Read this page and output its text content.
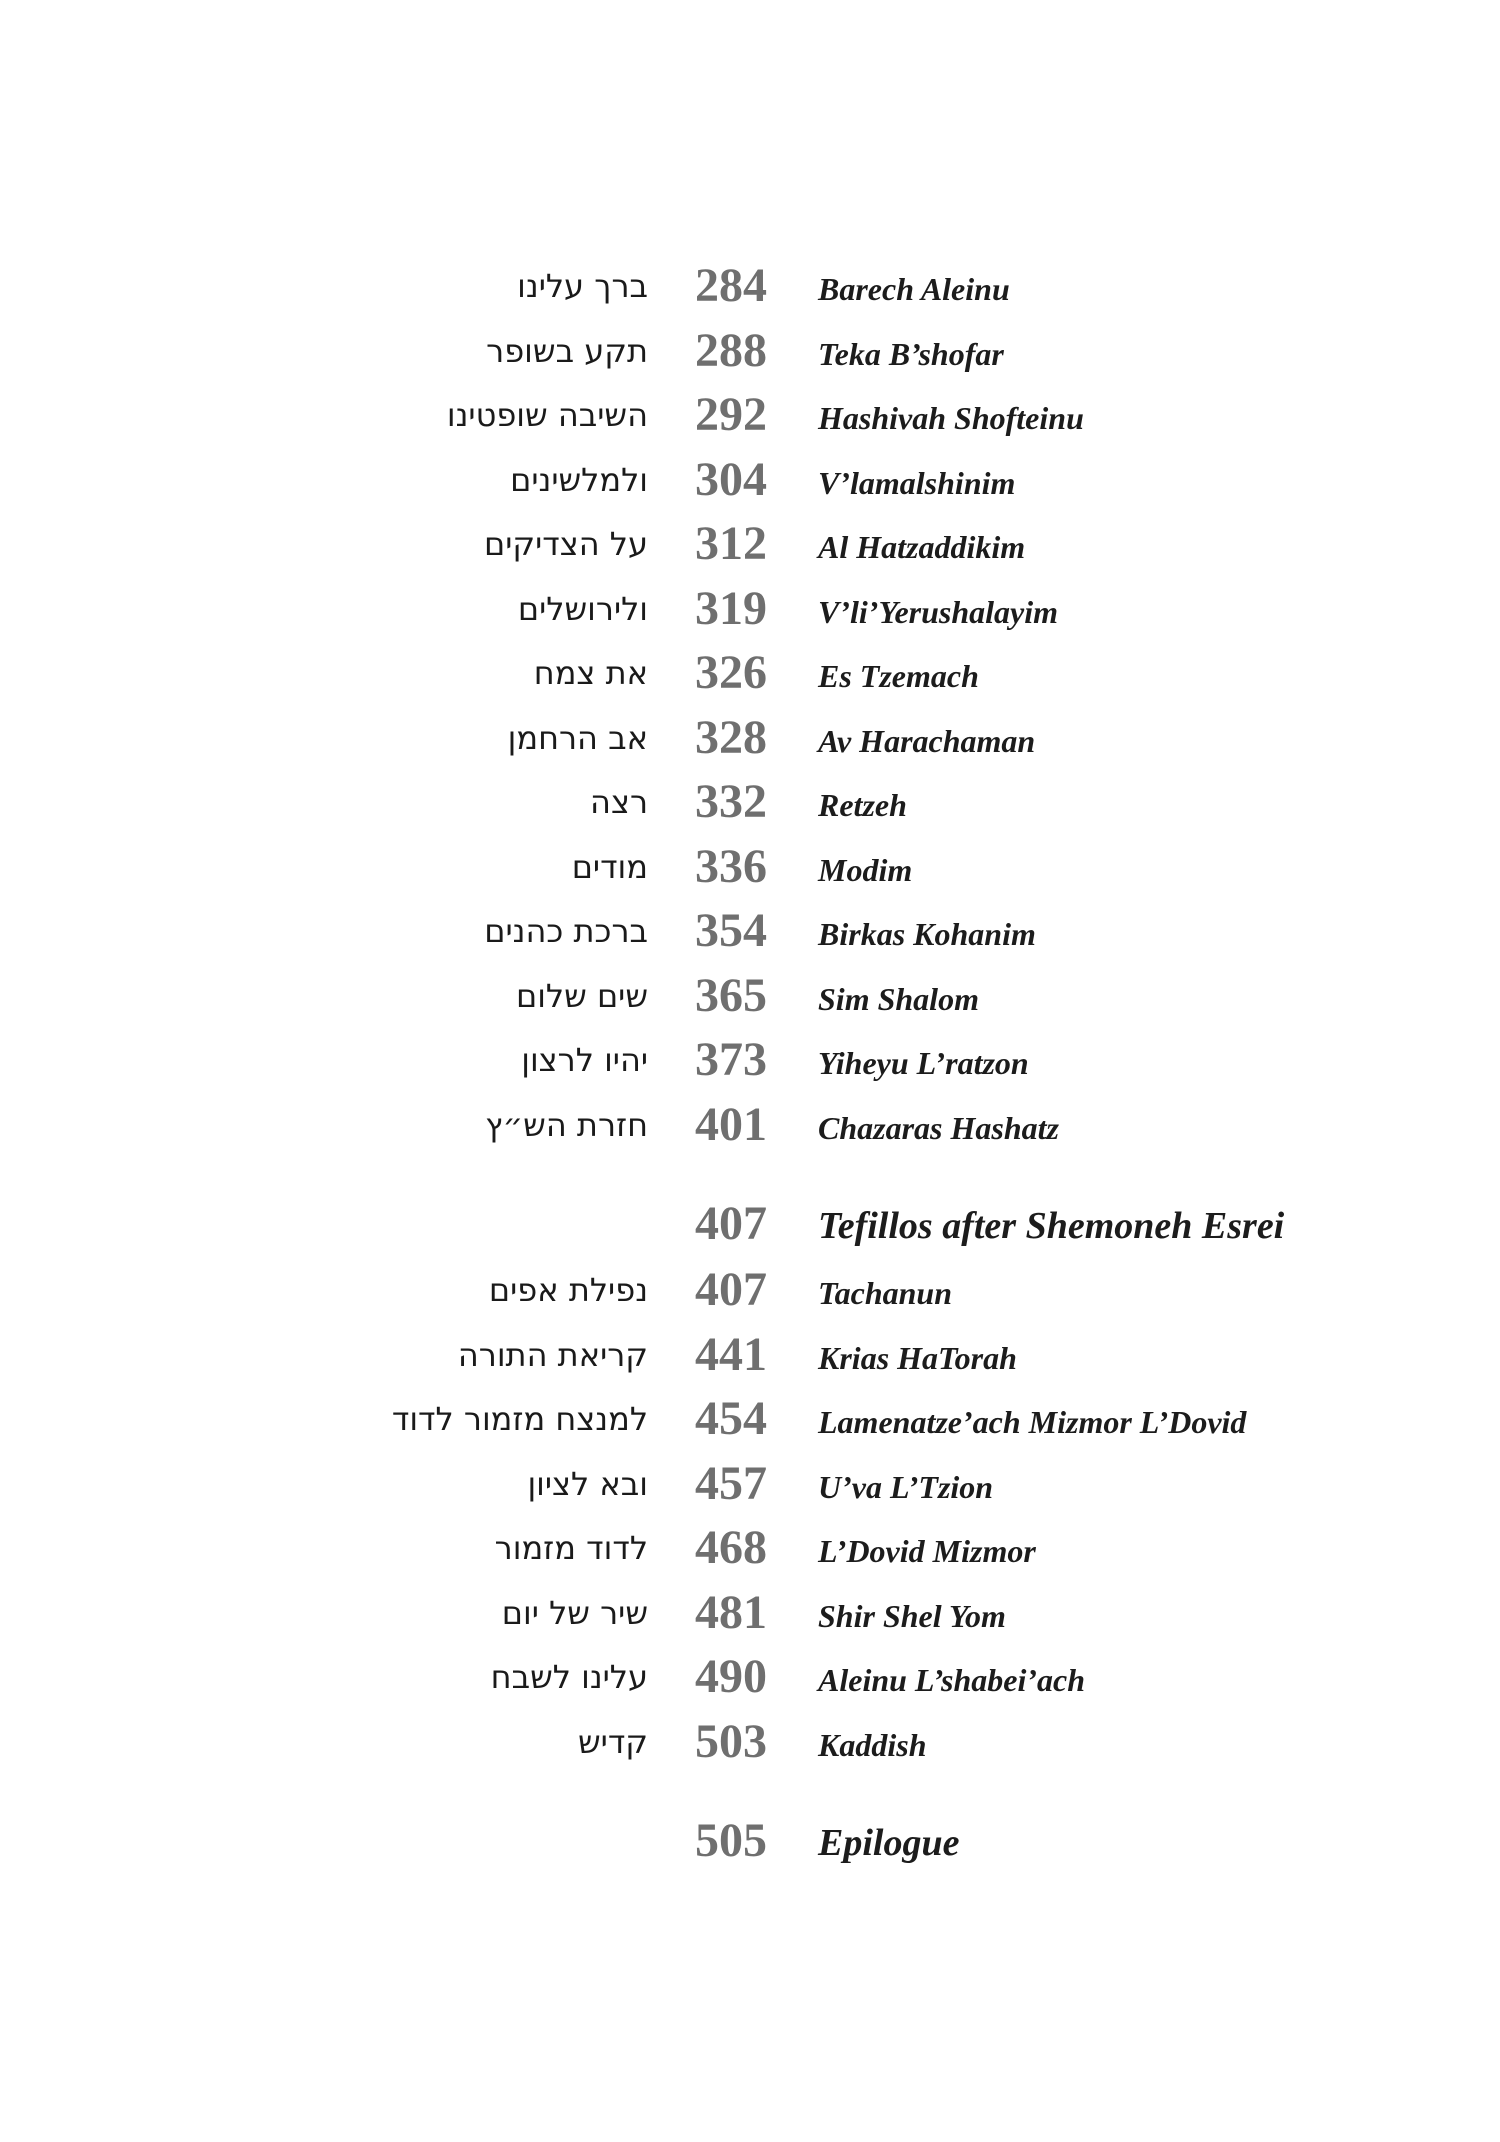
ברך עלינו 284 Barech Aleinu
תקע בשופר 288 Teka B’shofar
השיבה שופטינו 292 Hashivah Shofteinu
ולמלשינים 304 V’lamalshinim
על הצדיקים 312 Al Hatzaddikim
ולירושלים 319 V’li’Yerushalayim
את צמח 326 Es Tzemach
אב הרחמן 328 Av Harachaman
רצה 332 Retzeh
מודים 336 Modim
ברכת כהנים 354 Birkas Kohanim
שים שלום 365 Sim Shalom
יהיו לרצון 373 Yiheyu L’ratzon
חזרת הש״ץ 401 Chazaras Hashatz
407 Tefillos after Shemoneh Esrei
נפילת אפים 407 Tachanun
קריאת התורה 441 Krias HaTorah
למנצח מזמור לדוד 454 Lamenatze’ach Mizmor L’Dovid
ובא לציון 457 U’va L’Tzion
לדוד מזמור 468 L’Dovid Mizmor
שיר של יום 481 Shir Shel Yom
עלינו לשבח 490 Aleinu L’shabei’ach
קדיש 503 Kaddish
505 Epilogue
